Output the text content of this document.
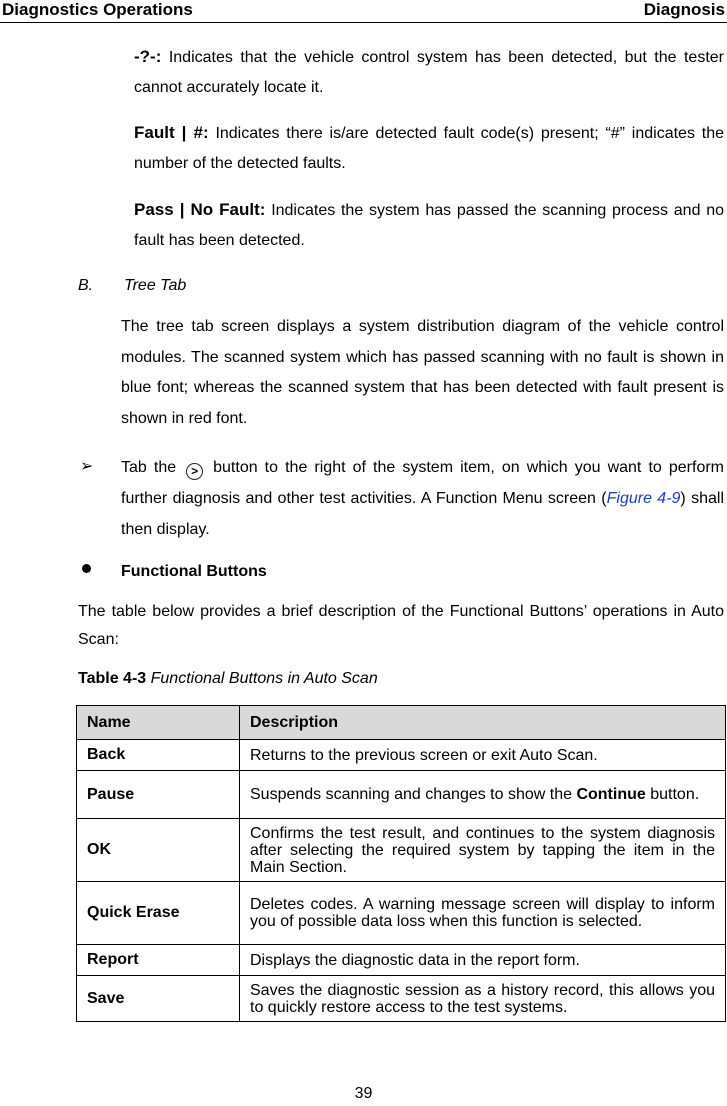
Diagnostics Operations	Diagnosis
-?-: Indicates that the vehicle control system has been detected, but the tester cannot accurately locate it.
Fault | #: Indicates there is/are detected fault code(s) present; “#” indicates the number of the detected faults.
Pass | No Fault: Indicates the system has passed the scanning process and no fault has been detected.
B. Tree Tab
The tree tab screen displays a system distribution diagram of the vehicle control modules. The scanned system which has passed scanning with no fault is shown in blue font; whereas the scanned system that has been detected with fault present is shown in red font.
➢ Tab the > button to the right of the system item, on which you want to perform further diagnosis and other test activities. A Function Menu screen (Figure 4-9) shall then display.
Functional Buttons
The table below provides a brief description of the Functional Buttons’ operations in Auto Scan:
Table 4-3 Functional Buttons in Auto Scan
Name	Description
Back	Returns to the previous screen or exit Auto Scan.
Pause	Suspends scanning and changes to show the Continue button.
OK	Confirms the test result, and continues to the system diagnosis after selecting the required system by tapping the item in the Main Section.
Quick Erase	Deletes codes. A warning message screen will display to inform you of possible data loss when this function is selected.
Report	Displays the diagnostic data in the report form.
Save	Saves the diagnostic session as a history record, this allows you to quickly restore access to the test systems.
39
